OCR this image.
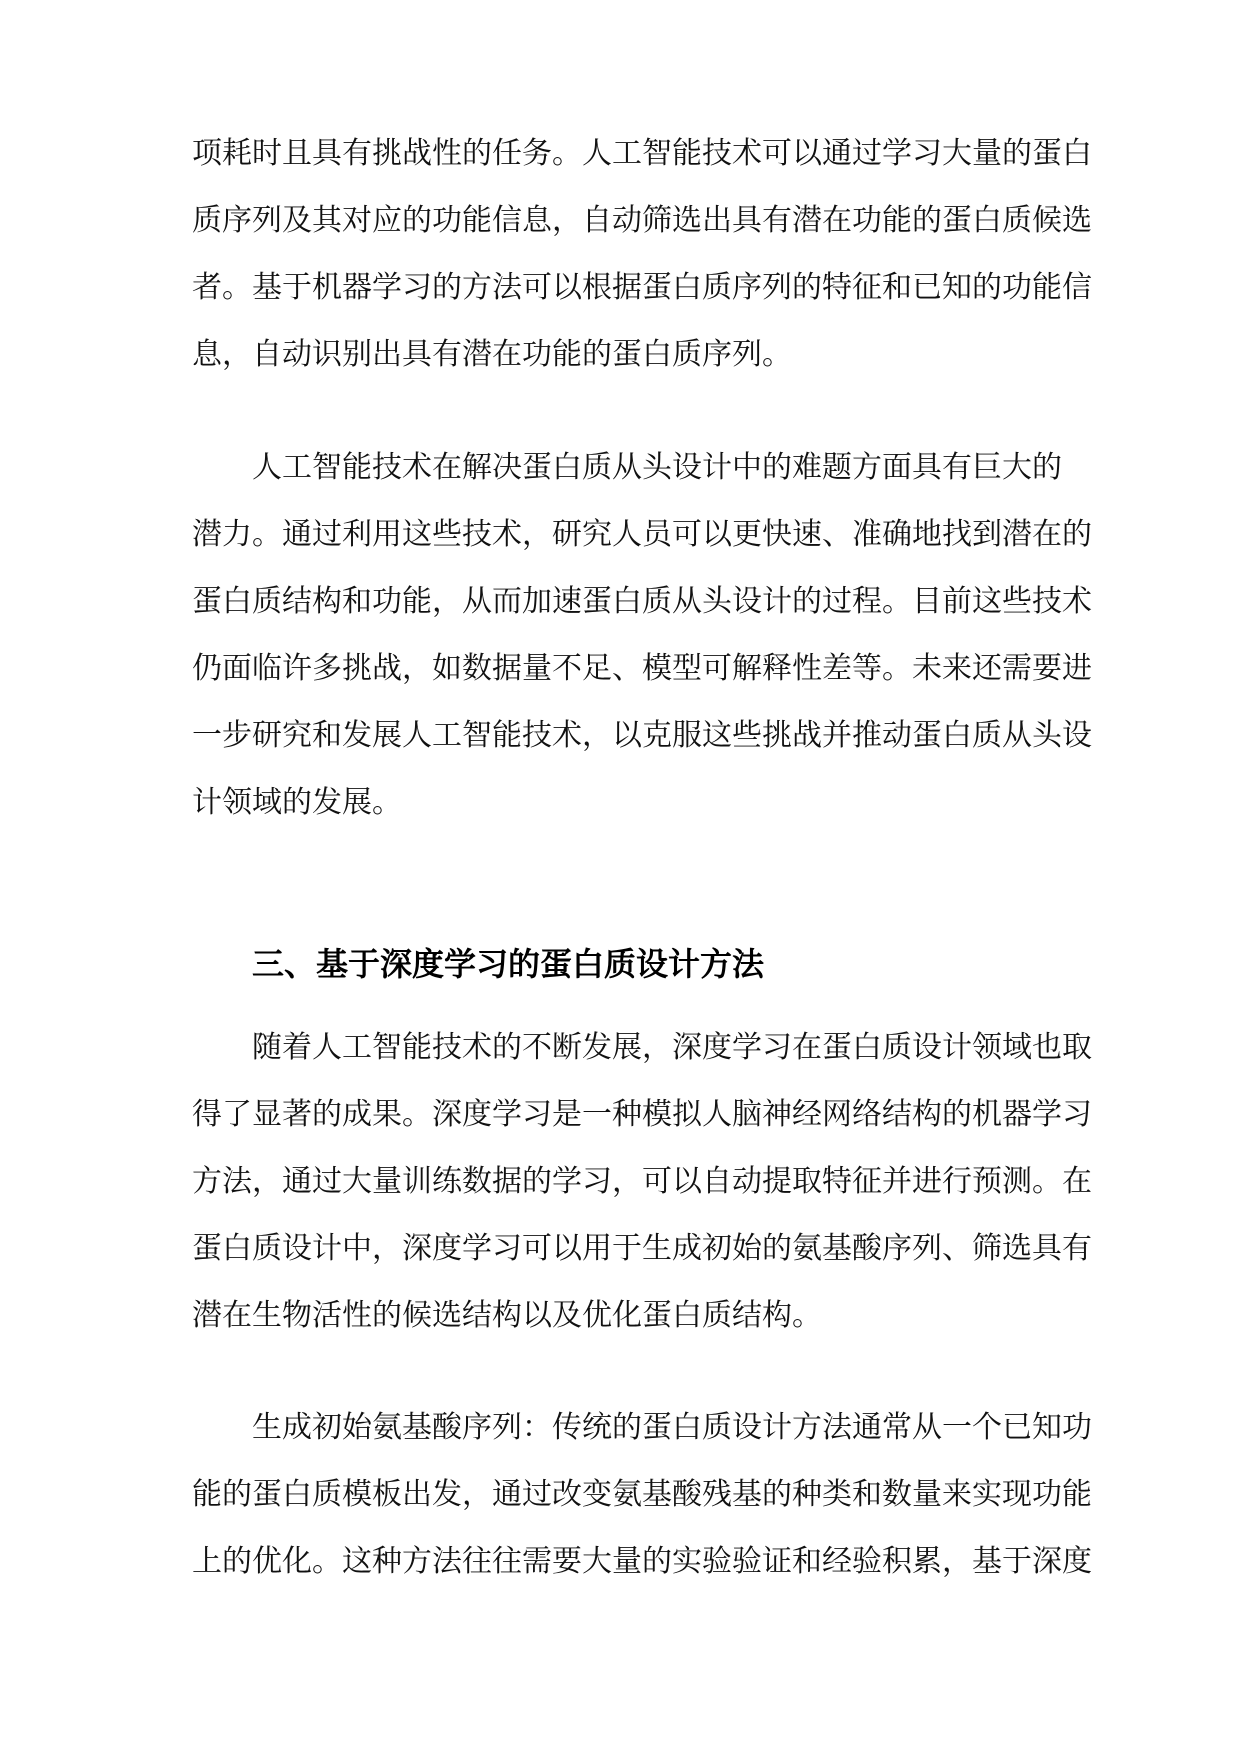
项耗时且具有挑战性的任务。人工智能技术可以通过学习大量的蛋白
质序列及其对应的功能信息，自动筛选出具有潜在功能的蛋白质候选
者。基于机器学习的方法可以根据蛋白质序列的特征和已知的功能信
息，自动识别出具有潜在功能的蛋白质序列。
　　人工智能技术在解决蛋白质从头设计中的难题方面具有巨大的
潜力。通过利用这些技术，研究人员可以更快速、准确地找到潜在的
蛋白质结构和功能，从而加速蛋白质从头设计的过程。目前这些技术
仍面临许多挑战，如数据量不足、模型可解释性差等。未来还需要进
一步研究和发展人工智能技术，以克服这些挑战并推动蛋白质从头设
计领域的发展。
三、基于深度学习的蛋白质设计方法
　　随着人工智能技术的不断发展，深度学习在蛋白质设计领域也取
得了显著的成果。深度学习是一种模拟人脑神经网络结构的机器学习
方法，通过大量训练数据的学习，可以自动提取特征并进行预测。在
蛋白质设计中，深度学习可以用于生成初始的氨基酸序列、筛选具有
潜在生物活性的候选结构以及优化蛋白质结构。
　　生成初始氨基酸序列：传统的蛋白质设计方法通常从一个已知功
能的蛋白质模板出发，通过改变氨基酸残基的种类和数量来实现功能
上的优化。这种方法往往需要大量的实验验证和经验积累，基于深度
